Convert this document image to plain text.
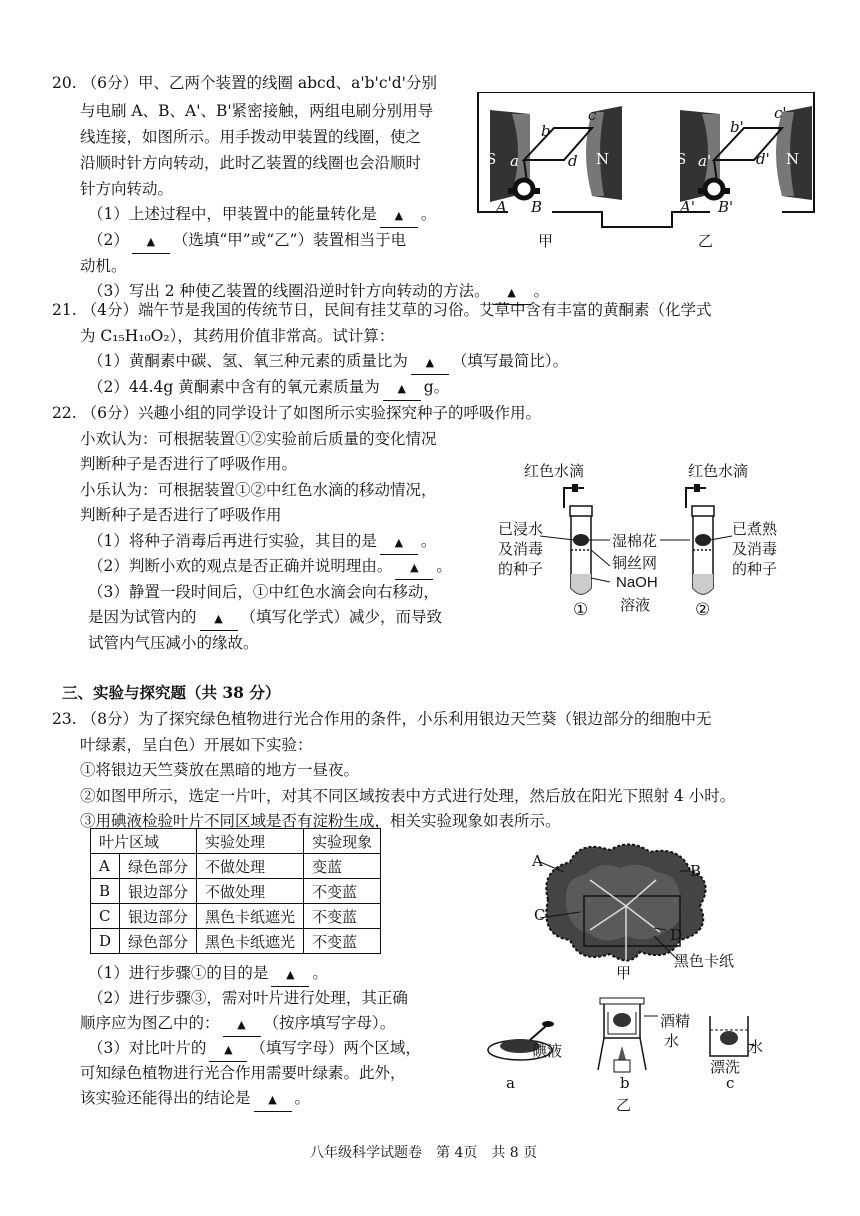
20. （6分）甲、乙两个装置的线圈 abcd、a'b'c'd'分别
与电刷 A、B、A'、B'紧密接触，两组电刷分别用导
线连接，如图所示。用手拨动甲装置的线圈，使之
沿顺时针方向转动，此时乙装置的线圈也会沿顺时
针方向转动。
（1）上述过程中，甲装置中的能量转化是 ▲ 。
（2） ▲ （选填“甲”或“乙”）装置相当于电
动机。
（3）写出 2 种使乙装置的线圈沿逆时针方向转动的方法。 ▲ 。
S	N
a
b
c
d
A B
S	N
a'
b'
c'
d'
A' B'
甲	乙
21. （4分）端午节是我国的传统节日，民间有挂艾草的习俗。艾草中含有丰富的黄酮素（化学式
为 C₁₅H₁₀O₂），其药用价值非常高。试计算：
（1）黄酮素中碳、氢、氧三种元素的质量比为 ▲ （填写最简比）。
（2）44.4g 黄酮素中含有的氧元素质量为 ▲ g。
22. （6分）兴趣小组的同学设计了如图所示实验探究种子的呼吸作用。
小欢认为：可根据装置①②实验前后质量的变化情况
判断种子是否进行了呼吸作用。
小乐认为：可根据装置①②中红色水滴的移动情况，
判断种子是否进行了呼吸作用
（1）将种子消毒后再进行实验，其目的是 ▲ 。
（2）判断小欢的观点是否正确并说明理由。 ▲ 。
（3）静置一段时间后，①中红色水滴会向右移动，
是因为试管内的 ▲ （填写化学式）减少，而导致
试管内气压减小的缘故。
红色水滴	红色水滴
已浸水
及消毒
的种子
湿棉花
铜丝网
NaOH
溶液
已煮熟
及消毒
的种子
①	②
三、实验与探究题（共 38 分）
23. （8分）为了探究绿色植物进行光合作用的条件，小乐利用银边天竺葵（银边部分的细胞中无
叶绿素，呈白色）开展如下实验：
①将银边天竺葵放在黑暗的地方一昼夜。
②如图甲所示，选定一片叶，对其不同区域按表中方式进行处理，然后放在阳光下照射 4 小时。
③用碘液检验叶片不同区域是否有淀粉生成，相关实验现象如表所示。
叶片区域		实验处理	实验现象
A	绿色部分	不做处理	变蓝
B	银边部分	不做处理	不变蓝
C	银边部分	黑色卡纸遮光	不变蓝
D	绿色部分	黑色卡纸遮光	不变蓝
（1）进行步骤①的目的是 ▲ 。
（2）进行步骤③，需对叶片进行处理，其正确
顺序应为图乙中的： ▲ （按序填写字母）。
（3）对比叶片的 ▲ （填写字母）两个区域，
可知绿色植物进行光合作用需要叶绿素。此外，
该实验还能得出的结论是 ▲ 。
A
B
C
D
黑色卡纸
甲
碘液
酒精
水	水
漂洗
a	b	c
乙
八年级科学试题卷　第 4页　共 8 页
